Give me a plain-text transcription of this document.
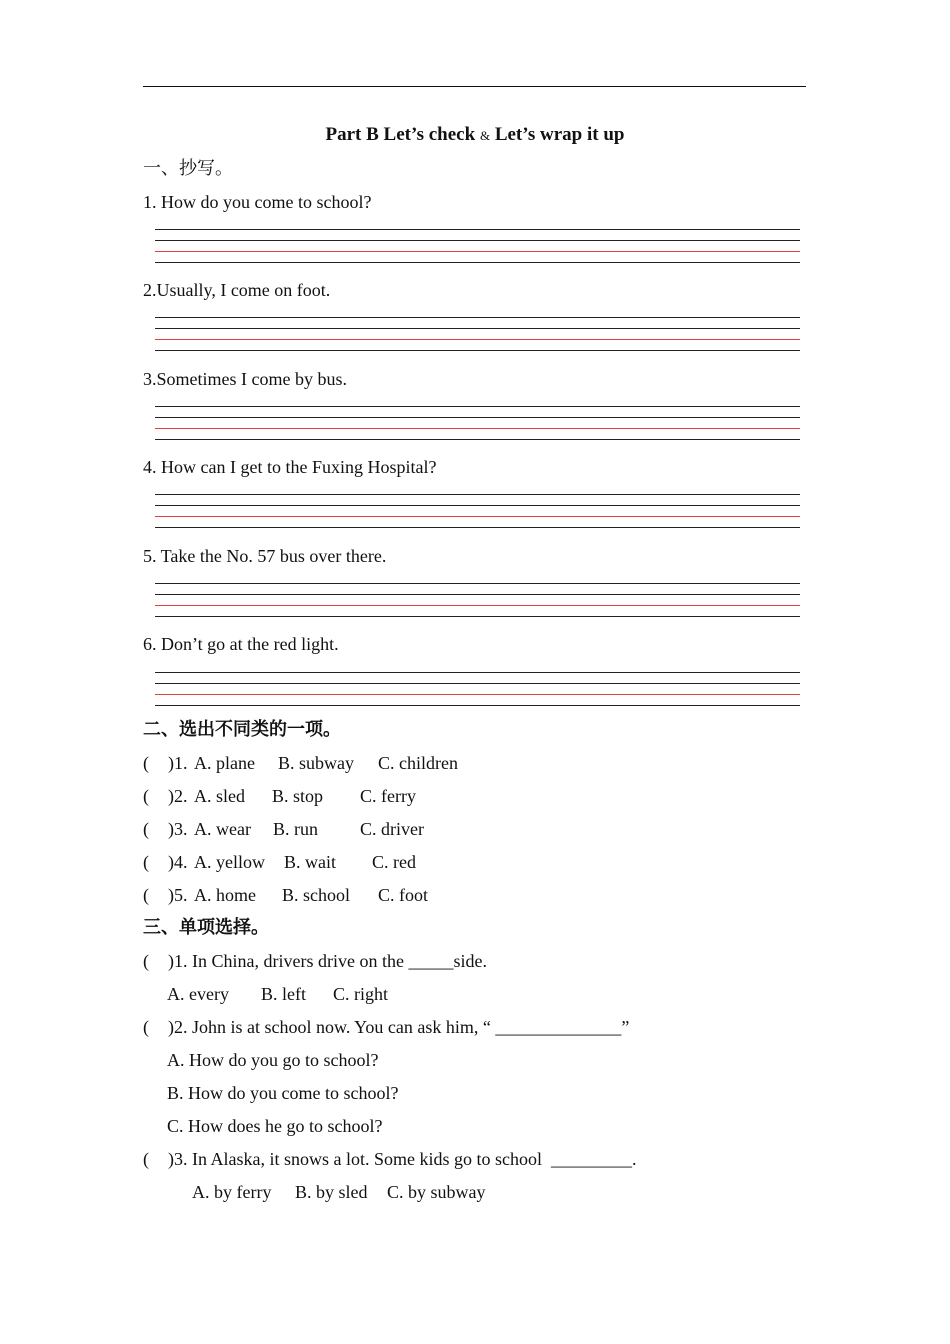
Part B Let’s check & Let’s wrap it up
一、抄写。
1. How do you come to school?
2.Usually, I come on foot.
3.Sometimes I come by bus.
4. How can I get to the Fuxing Hospital?
5. Take the No. 57 bus over there.
6. Don’t go at the red light.
二、选出不同类的一项。
( )1. A. plane B. subway C. children
( )2. A. sled B. stop C. ferry
( )3. A. wear B. run C. driver
( )4. A. yellow B. wait C. red
( )5. A. home B. school C. foot
三、单项选择。
( )1. In China, drivers drive on the _____side.
A. every B. left C. right
( )2. John is at school now. You can ask him, “ ______________”
A. How do you go to school?
B. How do you come to school?
C. How does he go to school?
( )3. In Alaska, it snows a lot. Some kids go to school  _________.
A. by ferry B. by sled C. by subway
